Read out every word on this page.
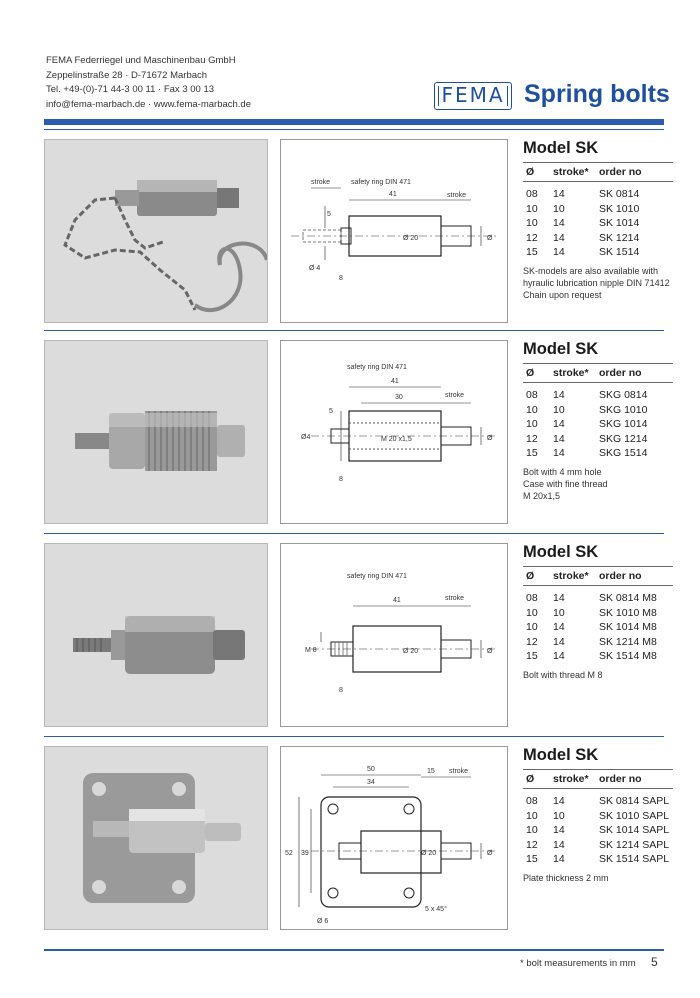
FEMA Federriegel und Maschinenbau GmbH
Zeppelinstraße 28 · D-71672 Marbach
Tel. +49-(0)-71 44-3 00 11 · Fax 3 00 13
info@fema-marbach.de · www.fema-marbach.de	FEMA Spring bolts
stroke	safety ring DIN 471
stroke
5
41
Ø 20
Ø 4
8
Ø
Model SK
Ø	stroke* order no
08	14	SK 0814
10	10	SK 1010
10	14	SK 1014
12	14	SK 1214
15	14	SK 1514
SK-models are also available with
hyraulic lubrication nipple DIN 71412
Chain upon request
safety ring DIN 471
41
30	stroke
5
M 20 x1,5
Ø4
8
Ø
Model SK
Ø	stroke* order no
08	14	SKG 0814
10	10	SKG 1010
10	14	SKG 1014
12	14	SKG 1214
15	14	SKG 1514
Bolt with 4 mm hole
Case with fine thread
M 20x1,5
safety ring DIN 471
41	stroke
Ø 20
M 8
8
Ø
Model SK
Ø	stroke* order no
08	14	SK 0814 M8
10	10	SK 1010 M8
10	14	SK 1014 M8
12	14	SK 1214 M8
15	14	SK 1514 M8
Bolt with thread M 8
50
34
15 stroke
52 39	Ø 20	Ø
Ø 6
5 x 45°
Model SK
Ø	stroke* order no
08	14	SK 0814 SAPL
10	10	SK 1010 SAPL
10	14	SK 1014 SAPL
12	14	SK 1214 SAPL
15	14	SK 1514 SAPL
Plate thickness 2 mm
* bolt measurements in mm 5
